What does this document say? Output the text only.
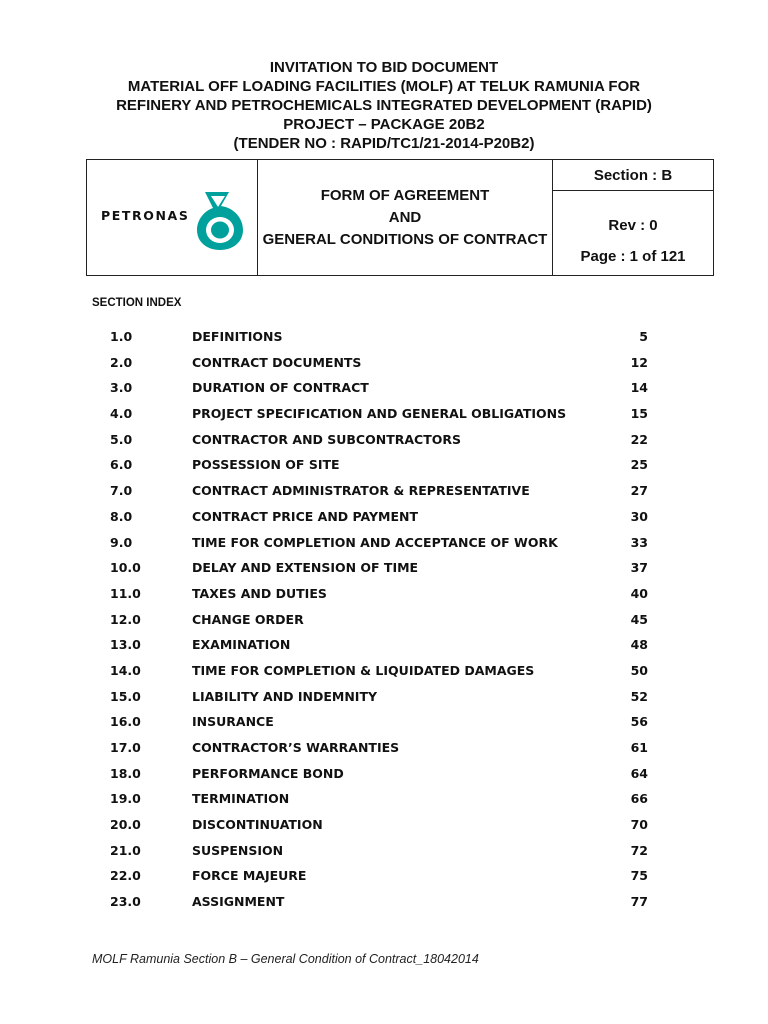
INVITATION TO BID DOCUMENT
MATERIAL OFF LOADING FACILITIES (MOLF) AT TELUK RAMUNIA FOR
REFINERY AND PETROCHEMICALS INTEGRATED DEVELOPMENT (RAPID)
PROJECT – PACKAGE 20B2
(TENDER NO : RAPID/TC1/21-2014-P20B2)
PETRONAS

FORM OF AGREEMENT
AND
GENERAL CONDITIONS OF CONTRACT
	Section : B

Rev : 0
Page : 1 of 121
SECTION INDEX
1.0	DEFINITIONS	5
2.0	CONTRACT DOCUMENTS	12
3.0	DURATION OF CONTRACT	14
4.0	PROJECT SPECIFICATION AND GENERAL OBLIGATIONS	15
5.0	CONTRACTOR AND SUBCONTRACTORS	22
6.0	POSSESSION OF SITE	25
7.0	CONTRACT ADMINISTRATOR & REPRESENTATIVE	27
8.0	CONTRACT PRICE AND PAYMENT	30
9.0	TIME FOR COMPLETION AND ACCEPTANCE OF WORK	33
10.0	DELAY AND EXTENSION OF TIME	37
11.0	TAXES AND DUTIES	40
12.0	CHANGE ORDER	45
13.0	EXAMINATION	48
14.0	TIME FOR COMPLETION & LIQUIDATED DAMAGES	50
15.0	LIABILITY AND INDEMNITY	52
16.0	INSURANCE	56
17.0	CONTRACTOR’S WARRANTIES	61
18.0	PERFORMANCE BOND	64
19.0	TERMINATION	66
20.0	DISCONTINUATION	70
21.0	SUSPENSION	72
22.0	FORCE MAJEURE	75
23.0	ASSIGNMENT	77
MOLF Ramunia Section B – General Condition of Contract_18042014
